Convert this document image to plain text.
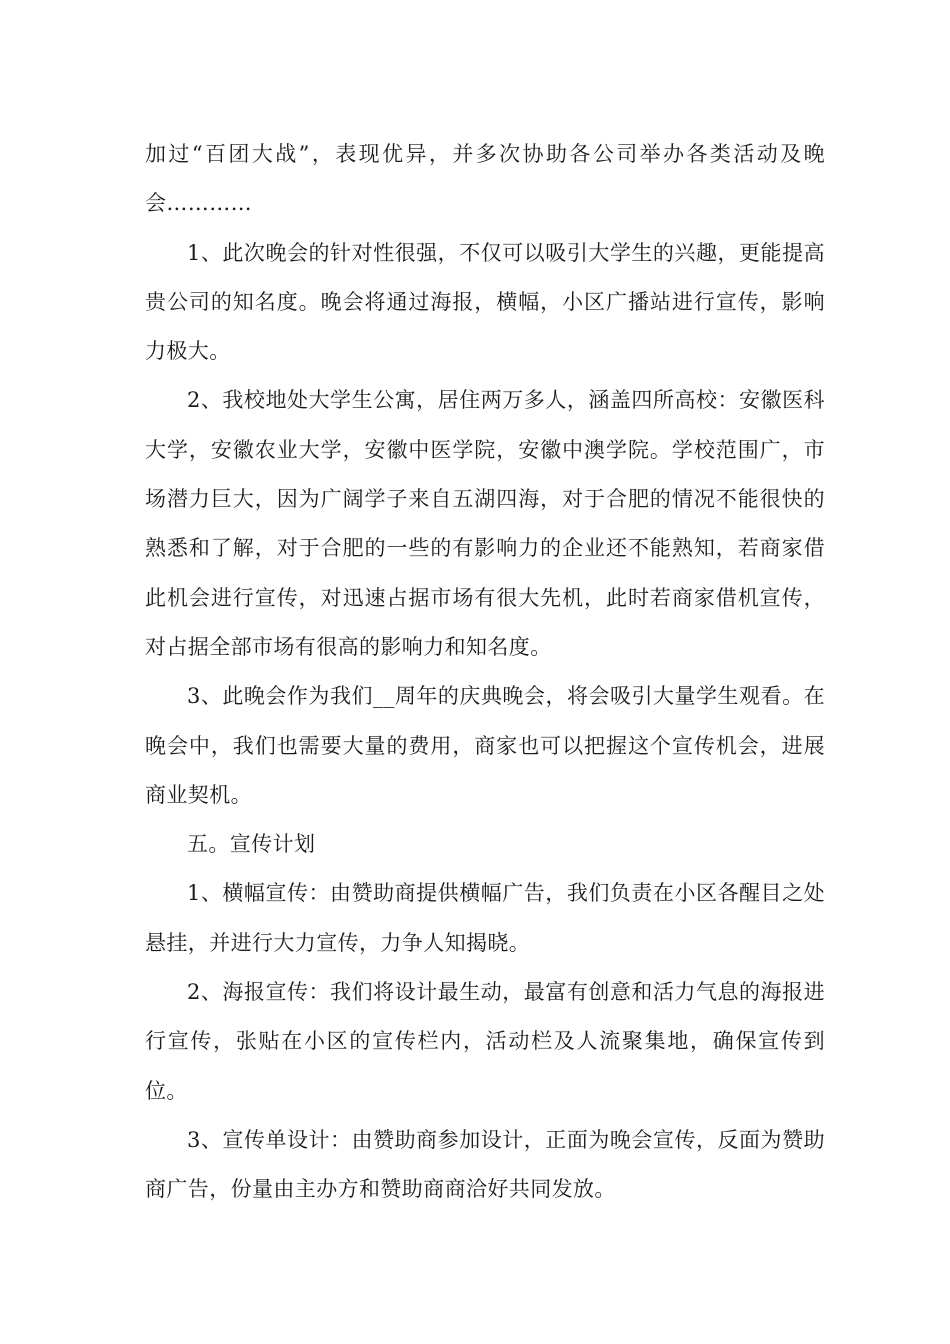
加过“百团大战”，表现优异，并多次协助各公司举办各类活动及晚会…………

1、此次晚会的针对性很强，不仅可以吸引大学生的兴趣，更能提高贵公司的知名度。晚会将通过海报，横幅，小区广播站进行宣传，影响力极大。

2、我校地处大学生公寓，居住两万多人，涵盖四所高校：安徽医科大学，安徽农业大学，安徽中医学院，安徽中澳学院。学校范围广，市场潜力巨大，因为广阔学子来自五湖四海，对于合肥的情况不能很快的熟悉和了解，对于合肥的一些的有影响力的企业还不能熟知，若商家借此机会进行宣传，对迅速占据市场有很大先机，此时若商家借机宣传，对占据全部市场有很高的影响力和知名度。

3、此晚会作为我们__周年的庆典晚会，将会吸引大量学生观看。在晚会中，我们也需要大量的费用，商家也可以把握这个宣传机会，进展商业契机。

五。宣传计划

1、横幅宣传：由赞助商提供横幅广告，我们负责在小区各醒目之处悬挂，并进行大力宣传，力争人知揭晓。

2、海报宣传：我们将设计最生动，最富有创意和活力气息的海报进行宣传，张贴在小区的宣传栏内，活动栏及人流聚集地，确保宣传到位。

3、宣传单设计：由赞助商参加设计，正面为晚会宣传，反面为赞助商广告，份量由主办方和赞助商商洽好共同发放。
